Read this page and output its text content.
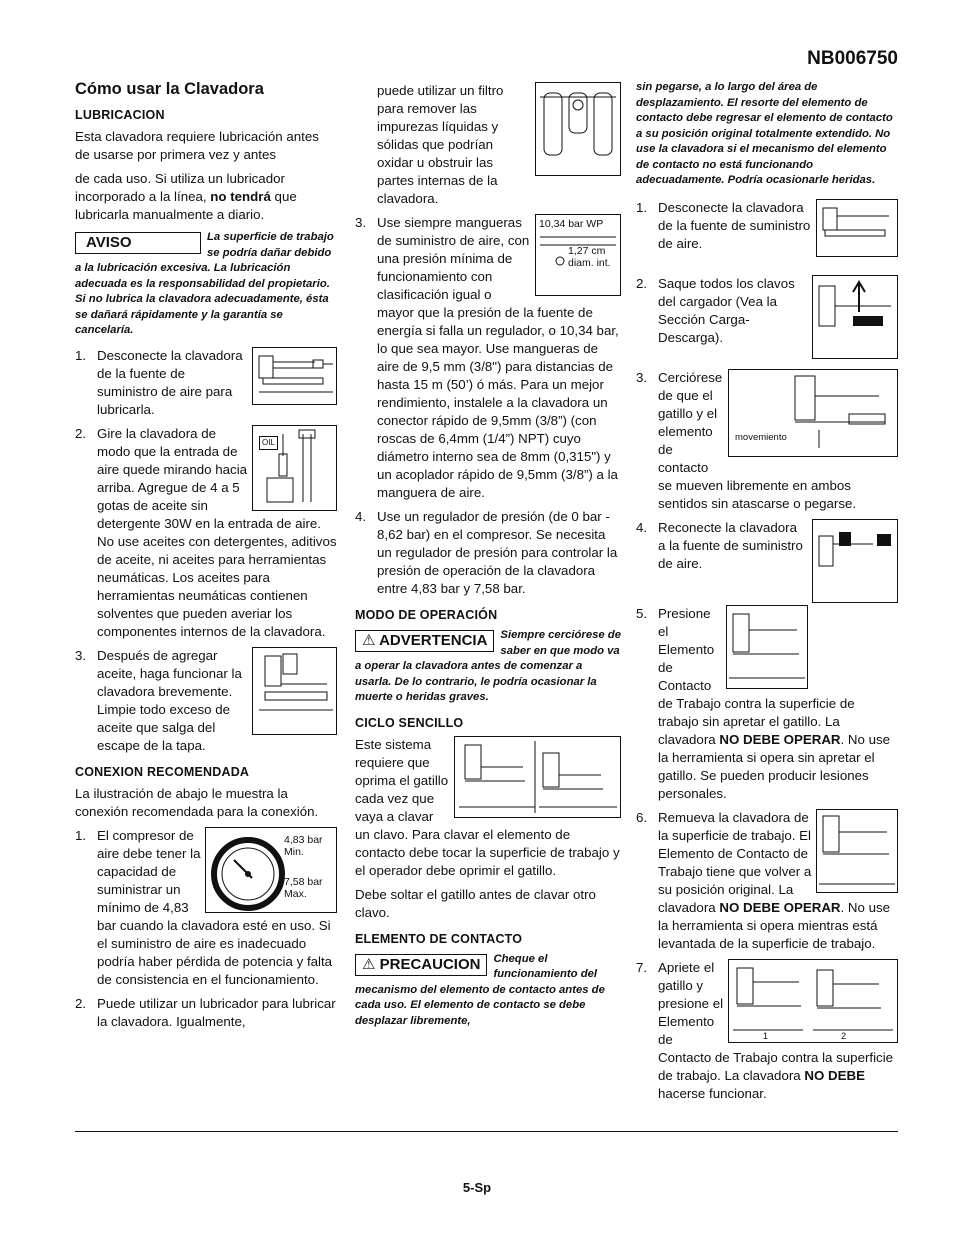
NB006750
Cómo usar la Clavadora
LUBRICACION

Esta clavadora requiere lubricación antes de usarse por primera vez y antes

de cada uso. Si utiliza un lubricador incorporado a la línea, no tendrá que lubricarla manualmente a diario.

AVISO	La superficie de trabajo se podría dañar debido a la lubricación excesiva. La lubricación adecuada es la responsabilidad del propietario. Si no lubrica la clavadora adecuadamente, ésta se dañará rápidamente y la garantía se cancelaría.
1. Desconecte la clavadora de la fuente de suministro de aire para lubricarla.
2.
OIL
Gire la clavadora de modo que la entrada de aire quede mirando hacia arriba. Agregue de 4 a 5 gotas de aceite sin detergente 30W en la entrada de aire. No use aceites con detergentes, aditivos de aceite, ni aceites para herramientas neumáticas. Los aceites para herramientas neumáticas contienen solventes que pueden averiar los componentes internos de la clavadora.
3. Después de agregar aceite, haga funcionar la clavadora brevemente. Limpie todo exceso de aceite que salga del escape de la tapa.
CONEXION RECOMENDADA

La ilustración de abajo le muestra la conexión recomendada para la conexión.

1.	4,83 bar Min.
7,58 bar Max.
El compresor de aire debe tener la capacidad de suministrar un mínimo de 4,83 bar cuando la clavadora esté en uso. Si el suministro de aire es inadecuado podría haber pérdida de potencia y falta de consistencia en el funcionamiento.
2. Puede utilizar un lubricador para lubricar la clavadora. Igualmente,

puede utilizar un filtro para remover las impurezas líquidas y sólidas que podrían oxidar u obstruir las partes internas de la clavadora.

3.	10,34 bar WP
1,27 cm diam. int.
Use siempre mangueras de suministro de aire, con una presión mínima de funcionamiento con clasificación igual o mayor que la presión de la fuente de energía si falla un regulador, o 10,34 bar, lo que sea mayor. Use mangueras de aire de 9,5 mm (3/8") para distancias de hasta 15 m (50’) ó más. Para un mejor rendimiento, instalele a la clavadora un conector rápido de 9,5mm (3/8”) (con roscas de 6,4mm (1/4”) NPT) cuyo diámetro interno sea de 8mm (0,315") y un acoplador rápido de 9,5mm (3/8”) a la manguera de aire.
4. Use un regulador de presión (de 0 bar - 8,62 bar) en el compresor. Se necesita un regulador de presión para controlar la presión de operación de la clavadora entre 4,83 bar y 7,58 bar.
MODO DE OPERACIÓN
⚠ ADVERTENCIA	Siempre cerciórese de saber en que modo va a operar la clavadora antes de comenzar a usarla. De lo contrario, le podría ocasionar la muerte o heridas graves.
CICLO SENCILLO

Este sistema requiere que oprima el gatillo cada vez que vaya a clavar un clavo. Para clavar el elemento de contacto debe tocar la superficie de trabajo y el operador debe oprimir el gatillo.

Debe soltar el gatillo antes de clavar otro clavo.

ELEMENTO DE CONTACTO
⚠ PRECAUCION	Cheque el funcionamiento del mecanismo del elemento de contacto antes de cada uso. El elemento de contacto se debe desplazar libremente,
sin pegarse, a lo largo del área de desplazamiento. El resorte del elemento de contacto debe regresar el elemento de contacto a su posición original totalmente extendido. No use la clavadora si el mecanismo del elemento de contacto no está funcionando adecuadamente. Podría ocasionarle heridas.
1. Desconecte la clavadora de la fuente de suministro de aire.
2. Saque todos los clavos del cargador (Vea la Sección Carga-Descarga).
3.
movemiento
Cerciórese de que el gatillo y el elemento de contacto se mueven libremente en ambos sentidos sin atascarse o pegarse.
4. Reconecte la clavadora a la fuente de suministro de aire.
5. Presione el Elemento de Contacto de Trabajo contra la superficie de trabajo sin apretar el gatillo. La clavadora NO DEBE OPERAR. No use la herramienta si opera sin apretar el gatillo. Se pueden producir lesiones personales.
6. Remueva la clavadora de la superficie de trabajo. El Elemento de Contacto de Trabajo tiene que volver a su posición original. La clavadora NO DEBE OPERAR. No use la herramienta si opera mientras está levantada de la superficie de trabajo.
7.
1	2
Apriete el gatillo y presione el Elemento de Contacto de Trabajo contra la superficie de trabajo. La clavadora NO DEBE hacerse funcionar.
5-Sp
